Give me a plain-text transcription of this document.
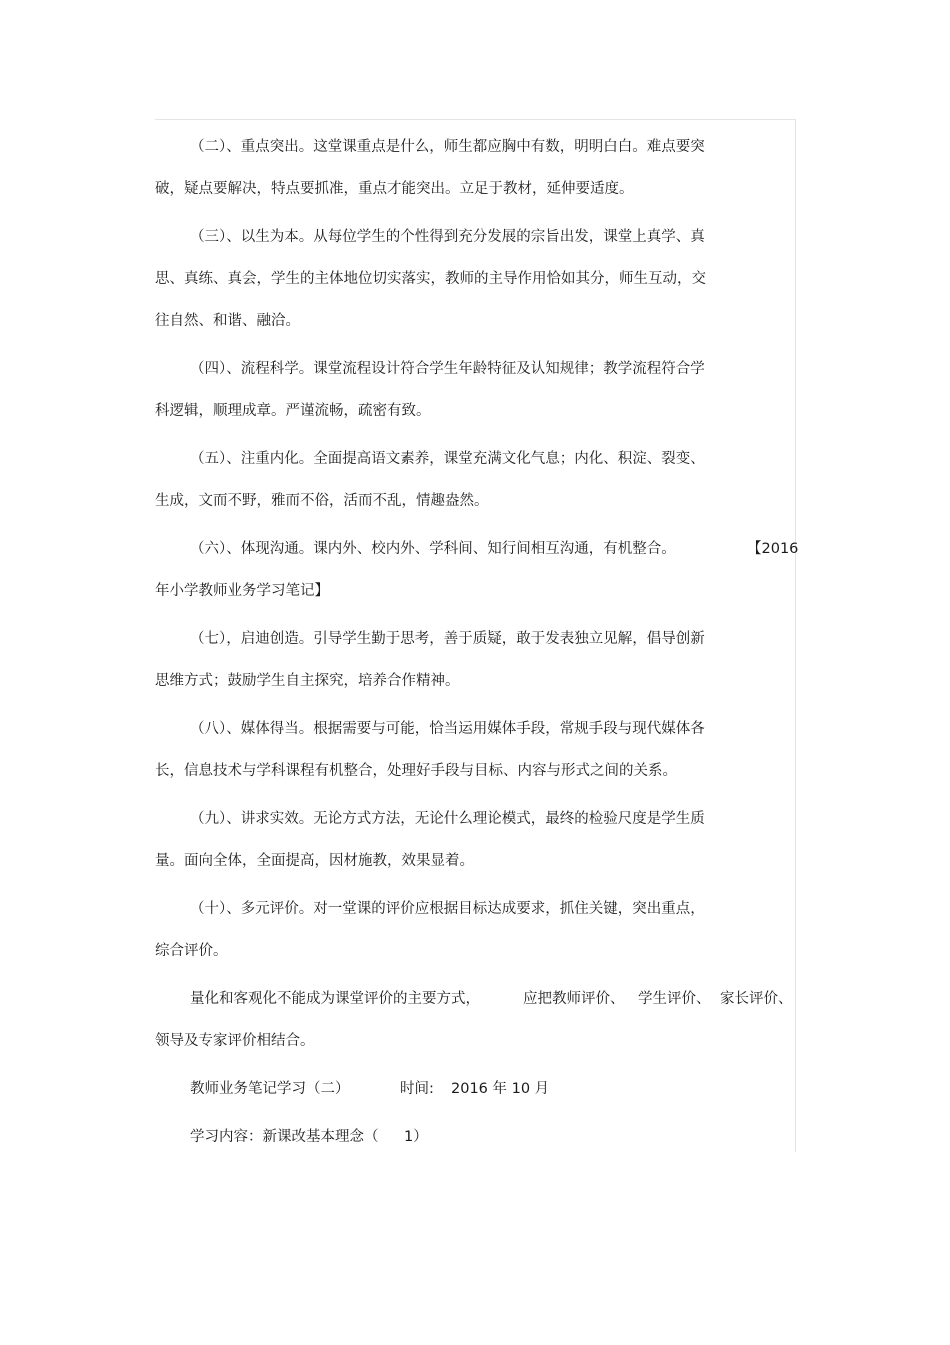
（二）、重点突出。这堂课重点是什么，师生都应胸中有数，明明白白。难点要突
破，疑点要解决，特点要抓准，重点才能突出。立足于教材，延伸要适度。
（三）、以生为本。从每位学生的个性得到充分发展的宗旨出发，课堂上真学、真
思、真练、真会，学生的主体地位切实落实，教师的主导作用恰如其分，师生互动，交
往自然、和谐、融洽。
（四）、流程科学。课堂流程设计符合学生年龄特征及认知规律；教学流程符合学
科逻辑，顺理成章。严谨流畅，疏密有致。
（五）、注重内化。全面提高语文素养，课堂充满文化气息；内化、积淀、裂变、
生成，文而不野，雅而不俗，活而不乱，情趣盎然。
（六）、体现沟通。课内外、校内外、学科间、知行间相互沟通，有机整合。	【2016
年小学教师业务学习笔记】
（七），启迪创造。引导学生勤于思考，善于质疑，敢于发表独立见解，倡导创新
思维方式；鼓励学生自主探究，培养合作精神。
（八）、媒体得当。根据需要与可能，恰当运用媒体手段，常规手段与现代媒体各
长，信息技术与学科课程有机整合，处理好手段与目标、内容与形式之间的关系。
（九）、讲求实效。无论方式方法，无论什么理论模式，最终的检验尺度是学生质
量。面向全体，全面提高，因材施教，效果显着。
（十）、多元评价。对一堂课的评价应根据目标达成要求，抓住关键，突出重点，
综合评价。
量化和客观化不能成为课堂评价的主要方式，	应把教师评价、 学生评价、 家长评价、
领导及专家评价相结合。
教师业务笔记学习（二）	时间: 2016 年 10 月
学习内容：新课改基本理念（ 1）
